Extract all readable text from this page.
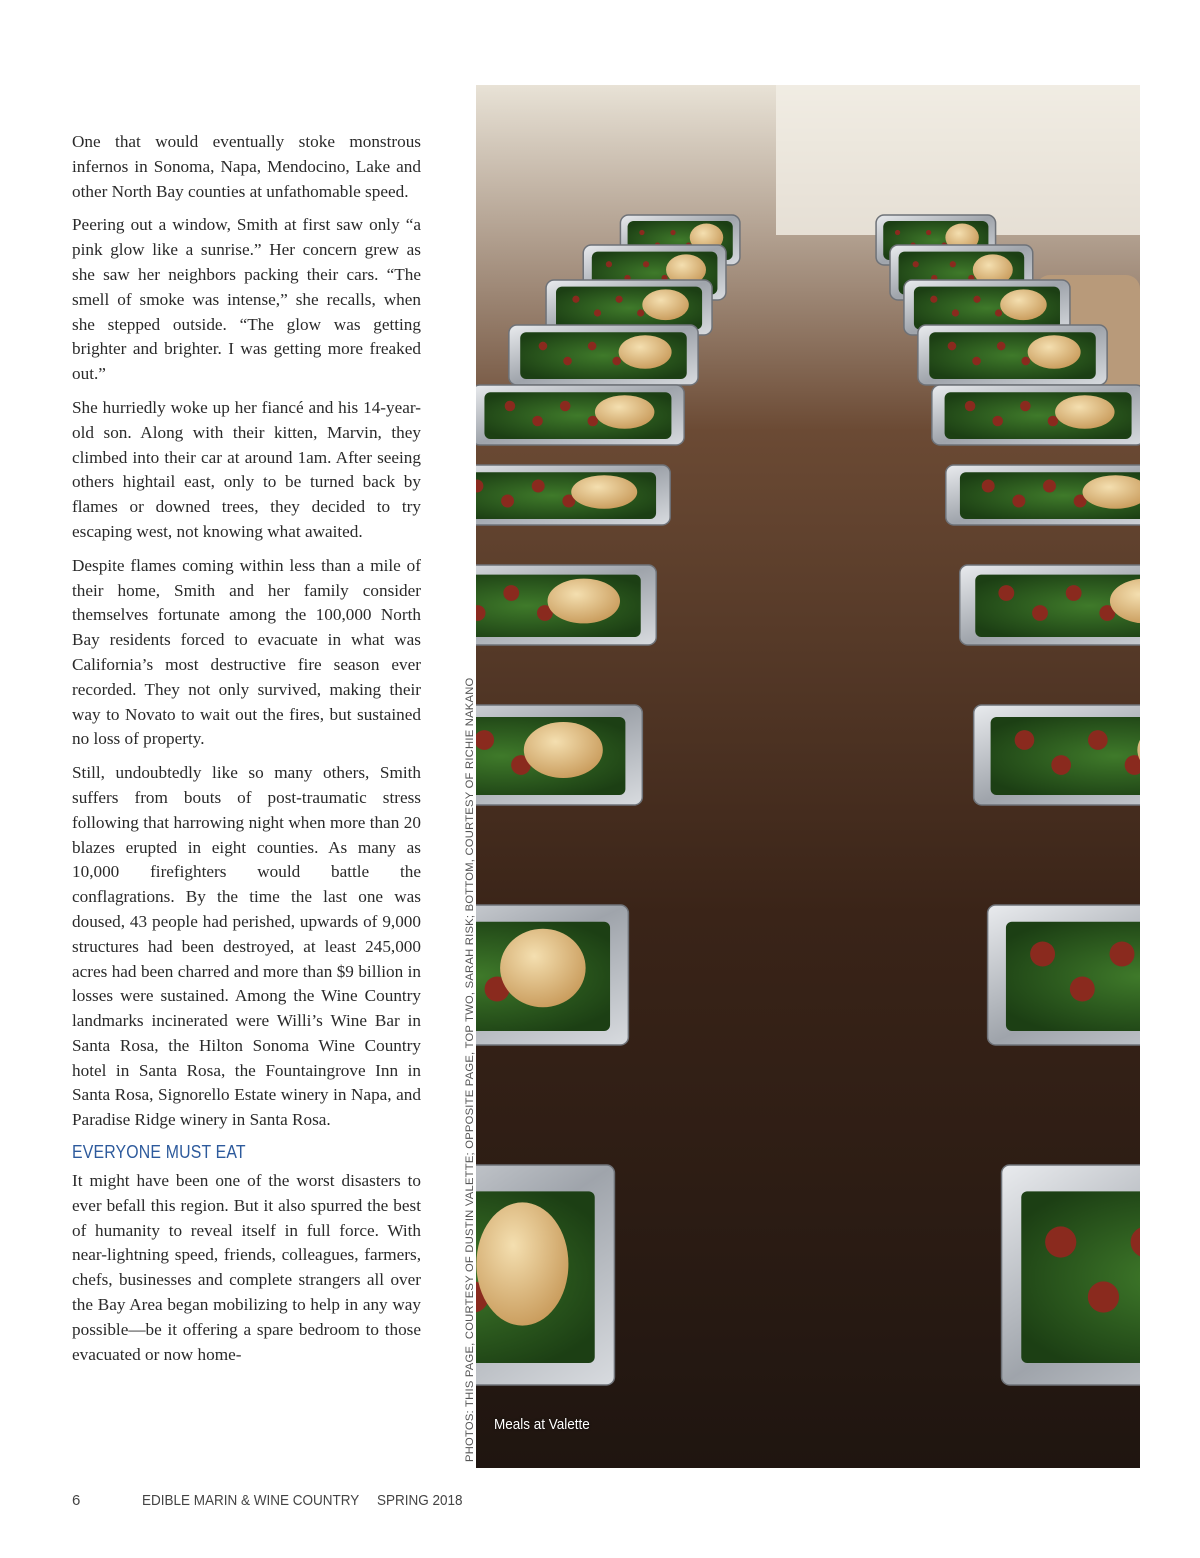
One that would eventually stoke monstrous infernos in Sonoma, Napa, Mendocino, Lake and other North Bay counties at unfathomable speed.

Peering out a window, Smith at first saw only “a pink glow like a sunrise.” Her concern grew as she saw her neighbors packing their cars. “The smell of smoke was intense,” she recalls, when she stepped outside. “The glow was getting brighter and brighter. I was getting more freaked out.”

She hurriedly woke up her fiancé and his 14-year-old son. Along with their kitten, Marvin, they climbed into their car at around 1am. After seeing others hightail east, only to be turned back by flames or downed trees, they decided to try escaping west, not knowing what awaited.

Despite flames coming within less than a mile of their home, Smith and her family consider themselves fortunate among the 100,000 North Bay residents forced to evacuate in what was California’s most destructive fire season ever recorded. They not only survived, making their way to Novato to wait out the fires, but sustained no loss of property.

Still, undoubtedly like so many others, Smith suffers from bouts of post-traumatic stress following that harrowing night when more than 20 blazes erupted in eight counties. As many as 10,000 firefighters would battle the conflagrations. By the time the last one was doused, 43 people had perished, upwards of 9,000 structures had been destroyed, at least 245,000 acres had been charred and more than $9 billion in losses were sustained. Among the Wine Country landmarks incinerated were Willi’s Wine Bar in Santa Rosa, the Hilton Sonoma Wine Country hotel in Santa Rosa, the Fountaingrove Inn in Santa Rosa, Signorello Estate winery in Napa, and Paradise Ridge winery in Santa Rosa.

EVERYONE MUST EAT

It might have been one of the worst disasters to ever befall this region. But it also spurred the best of humanity to reveal itself in full force. With near-lightning speed, friends, colleagues, farmers, chefs, businesses and complete strangers all over the Bay Area began mobilizing to help in any way possible—be it offering a spare bedroom to those evacuated or now home-

Meals at Valette
PHOTOS: THIS PAGE, COURTESY OF DUSTIN VALETTE; OPPOSITE PAGE, TOP TWO, SARAH RISK; BOTTOM, COURTESY OF RICHIE NAKANO
6	EDIBLE MARIN & WINE COUNTRY SPRING 2018
